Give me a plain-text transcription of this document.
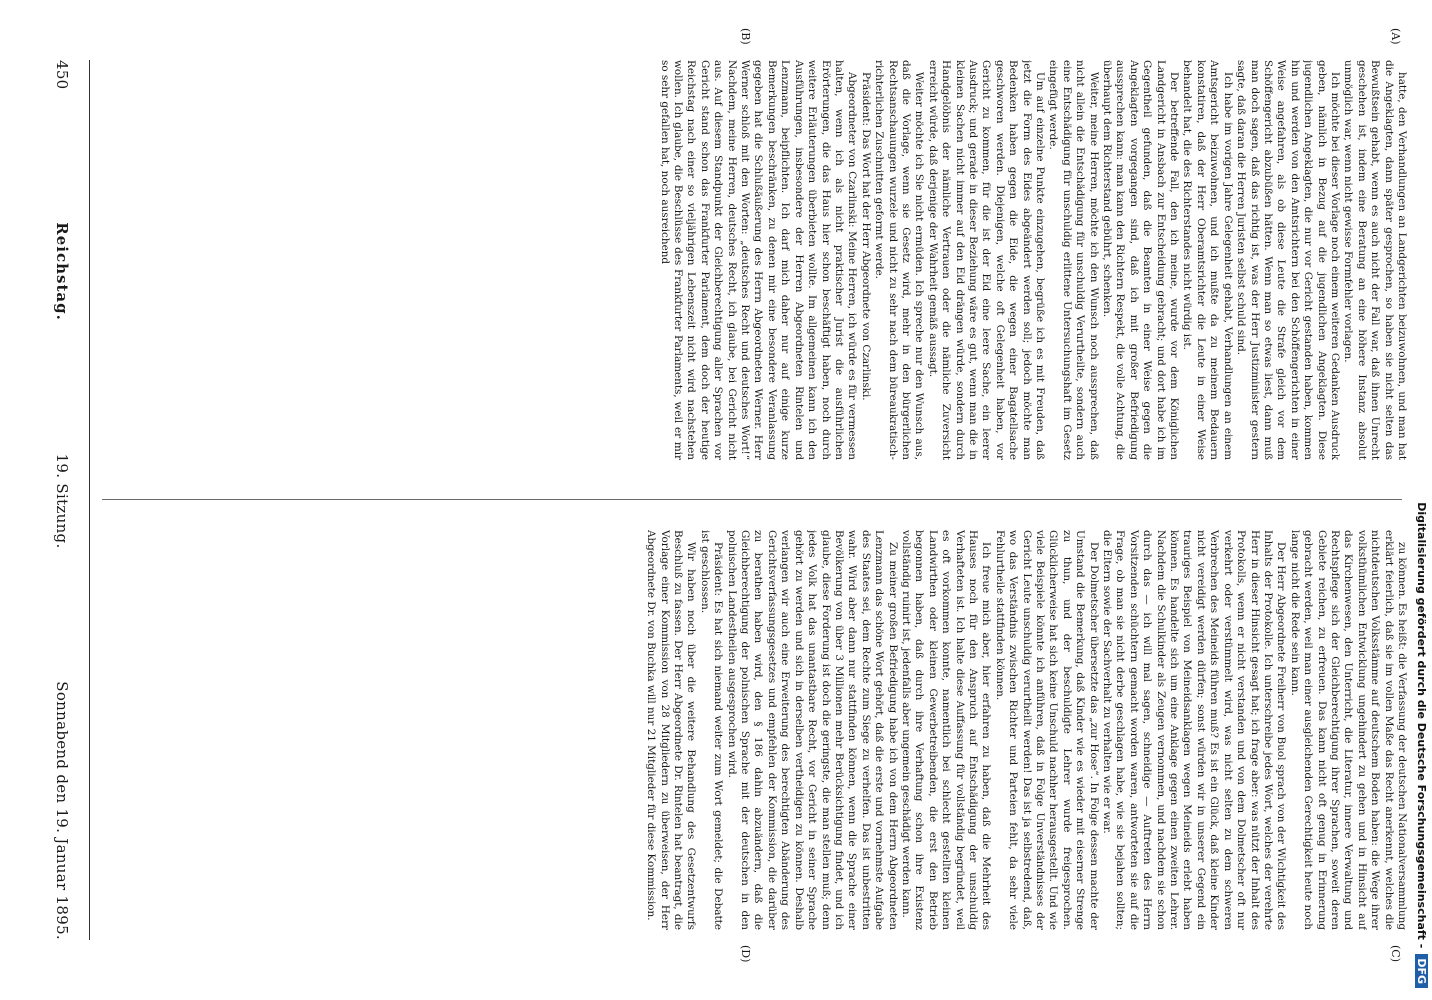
Digitalisierung gefördert durch die Deutsche Forschungsgemeinschaft -DFG
(A)
(B)
(C)
(D)

hatte, den Verhandlungen an Landgerichten beizuwohnen, und man hat die Angeklagten, dann später gesprochen, so haben sie nicht selten das Bewußtsein gehabt, wenn es auch nicht der Fall war, daß ihnen Unrecht geschehen ist, indem eine Beratung an eine höhere Instanz absolut unmöglich war, wenn nicht gewisse Formfehler vorlagen.

Ich möchte bei dieser Vorlage noch einem weiteren Gedanken Ausdruck geben, nämlich in Bezug auf die jugendlichen Angeklagten. Diese jugendlichen Angeklagten, die nur vor Gericht gestanden haben, kommen hin und werden von den Amtsrichtern bei den Schöffengerichten in einer Weise angefahren, als ob diese Leute die Strafe gleich vor dem Schöffengericht abzubüßen hätten. Wenn man so etwas liest, dann muß man doch sagen, daß das richtig ist, was der Herr Justizminister gestern sagte, daß daran die Herren Juristen selbst schuld sind.

Ich habe im vorigen Jahre Gelegenheit gehabt, Verhandlungen an einem Amtsgericht beizuwohnen, und ich mußte da zu meinem Bedauern konstatiren, daß der Herr Oberamtsrichter die Leute in einer Weise behandelt hat, die des Richterstandes nicht würdig ist.

Der betreffende Fall, den ich meine, wurde vor dem Königlichen Landgericht in Ansbach zur Entscheidung gebracht; und dort habe ich im Gegentheil gefunden, daß die Beamten in einer Weise gegen die Angeklagten vorgegangen sind, daß ich mit großer Befriedigung aussprechen kann: man kann den Richtern Respekt, die volle Achtung, die überhaupt dem Richterstand gebührt, schenken.

Weiter, meine Herren, möchte ich den Wunsch noch aussprechen, daß nicht allein die Entschädigung für unschuldig Verurtheilte, sondern auch eine Entschädigung für unschuldig erlittene Untersuchungshaft im Gesetz eingefügt werde.

Um auf einzelne Punkte einzugehen, begrüße ich es mit Freuden, daß jetzt die Form des Eides abgeändert werden soll; jedoch möchte man Bedenken haben gegen die Eide, die wegen einer Bagatellsache geschworen werden. Diejenigen, welche oft Gelegenheit haben, vor Gericht zu kommen, für die ist der Eid eine leere Sache, ein leerer Ausdruck; und gerade in dieser Beziehung wäre es gut, wenn man die in kleinen Sachen nicht immer auf den Eid drängen würde, sondern durch Handgelöbnis der nämliche Vertrauen oder die nämliche Zuversicht erreicht würde, daß derjenige der Wahrheit gemäß aussagt.

Weiter möchte ich Sie nicht ermüden. Ich spreche nur den Wunsch aus, daß die Vorlage, wenn sie Gesetz wird, mehr in den bürgerlichen Rechtsanschauungen wurzele und nicht zu sehr nach dem büreaukratisch-richterlichen Zuschnitten geformt werde.

Präsident: Das Wort hat der Herr Abgeordnete von Czarlinski.

Abgeordneter von Czarlinski: Meine Herren, ich würde es für vermessen halten, wenn ich als nicht praktischer Jurist die ausführlichen Erörterungen, die das Haus hier schon beschäftigt haben, noch durch weitere Erläuterungen überbieten wollte. Im allgemeinen kann ich den Ausführungen, insbesondere der Herren Abgeordneten Rintelen und Lenzmann, beipflichten. Ich darf mich daher nur auf einige kurze Bemerkungen beschränken, zu denen mir eine besondere Veranlassung gegeben hat die Schlußäußerung des Herrn Abgeordneten Werner. Herr Werner schloß mit den Worten: „deutsches Recht und deutsches Wort!“ Nachdem, meine Herren, deutsches Recht, ich glaube, bei Gericht nicht aus. Auf diesem Standpunkt der Gleichberechtigung aller Sprachen vor Gericht stand schon das Frankfurter Parlament, dem doch der heutige Reichstag nach einer so vieljährigen Lebenszeit nicht wird nachstehen wollen. Ich glaube, die Beschlüsse des Frankfurter Parlaments, weil er mir so sehr gefallen hat, noch ausreichend

zu können. Es heißt: die Verfassung der deutschen Nationalversammlung erklärt feierlich, daß sie im vollen Maße das Recht anerkennt, welches die nichtdeutschen Volksstämme auf deutschem Boden haben: die Wege ihrer volksthümlichen Entwicklung ungehindert zu gehen und in Hinsicht auf das Kirchenwesen, den Unterricht, die Literatur, innere Verwaltung und Rechtspflege sich der Gleichberechtigung ihrer Sprachen, soweit deren Gebiete reichen, zu erfreuen. Das kann nicht oft genug in Erinnerung gebracht werden, weil man einer ausgleichenden Gerechtigkeit heute noch lange nicht die Rede sein kann.

Der Herr Abgeordnete Freiherr von Buol sprach von der Wichtigkeit des Inhalts der Protokolle. Ich unterschreibe jedes Wort, welches der verehrte Herr in dieser Hinsicht gesagt hat; ich frage aber: was nützt der Inhalt des Protokolls, wenn er nicht verstanden und von dem Dolmetscher oft nur verkehrt oder verstümmelt wird, was nicht selten zu dem schweren Verbrechen des Meineids führen muß? Es ist ein Glück, daß kleine Kinder nicht vereidigt werden dürfen; sonst würden wir in unserer Gegend ein trauriges Beispiel von Meineidsanklagen wegen Meineids erlebt haben können. Es handelte sich um eine Anklage gegen einen zweiten Lehrer. Nachdem die Schulkinder als Zeugen vernommen, und nachdem sie schon durch das — ich will mal sagen, schneidige — Auftreten des Herrn Vorsitzenden schüchtern gemacht worden waren, antworteten sie auf die Frage, ob man sie nicht derbe geschlagen habe, wie sie bejahen sollten; die Eltern sowie der Sachverhalt zu verhalten wie er war.

Der Dolmetscher übersetzte das „zur Hose“. In Folge dessen machte der Umstand die Bemerkung, daß Kinder wie es wieder mit eiserner Strenge zu thun, und der beschuldigte Lehrer wurde freigesprochen. Glücklicherweise hat sich keine Unschuld nachher herausgestellt. Und wie viele Beispiele könnte ich anführen, daß in Folge Unverständnisses der Gericht Leute unschuldig verurtheilt werden! Das ist ja selbstredend, daß, wo das Verständnis zwischen Richter und Parteien fehlt, da sehr viele Fehlurtheile stattfinden können.

Ich freue mich aber, hier erfahren zu haben, daß die Mehrheit des Hauses noch für den Anspruch auf Entschädigung der unschuldig Verhafteten ist. Ich halte diese Auffassung für vollständig begründet, weil es oft vorkommen konnte, namentlich bei schlecht gestellten kleinen Landwirthen oder kleinen Gewerbetreibenden, die erst den Betrieb begonnen haben, daß durch ihre Verhaftung schon ihre Existenz vollständig ruinirt ist, jedenfalls aber ungemein geschädigt werden kann.

Zu meiner großen Befriedigung habe ich von dem Herrn Abgeordneten Lenzmann das schöne Wort gehört, daß die erste und vornehmste Aufgabe des Staates sei, dem Rechte zum Siege zu verhelfen. Das ist unbestritten wahr. Wird aber dann nur stattfinden können, wenn die Sprache einer Bevölkerung von über 3 Millionen mehr Berücksichtigung findet, und ich glaube, diese Forderung ist doch die geringste, die man stellen muß; denn jedes Volk hat das unantastbare Recht, vor Gericht in seiner Sprache gehört zu werden und sich in derselben vertheidigen zu können. Deshalb verlangen wir auch eine Erweiterung des berechtigten Abänderung des Gerichtsverfassungsgesetzes und empfehlen der Kommission, die darüber zu berathen haben wird, den § 186 dahin abzuändern, daß die Gleichberechtigung der polnischen Sprache mit der deutschen in den polnischen Landestheilen ausgesprochen wird.

Präsident: Es hat sich niemand weiter zum Wort gemeldet; die Debatte ist geschlossen.

Wir haben noch über die weitere Behandlung des Gesetzentwurfs Beschluß zu fassen. Der Herr Abgeordnete Dr. Rintelen hat beantragt, die Vorlage einer Kommission von 28 Mitgliedern zu überweisen, der Herr Abgeordnete Dr. von Buchka will nur 21 Mitglieder für diese Kommission.

450
Reichstag.
19. Sitzung.
Sonnabend den 19. Januar 1895.
